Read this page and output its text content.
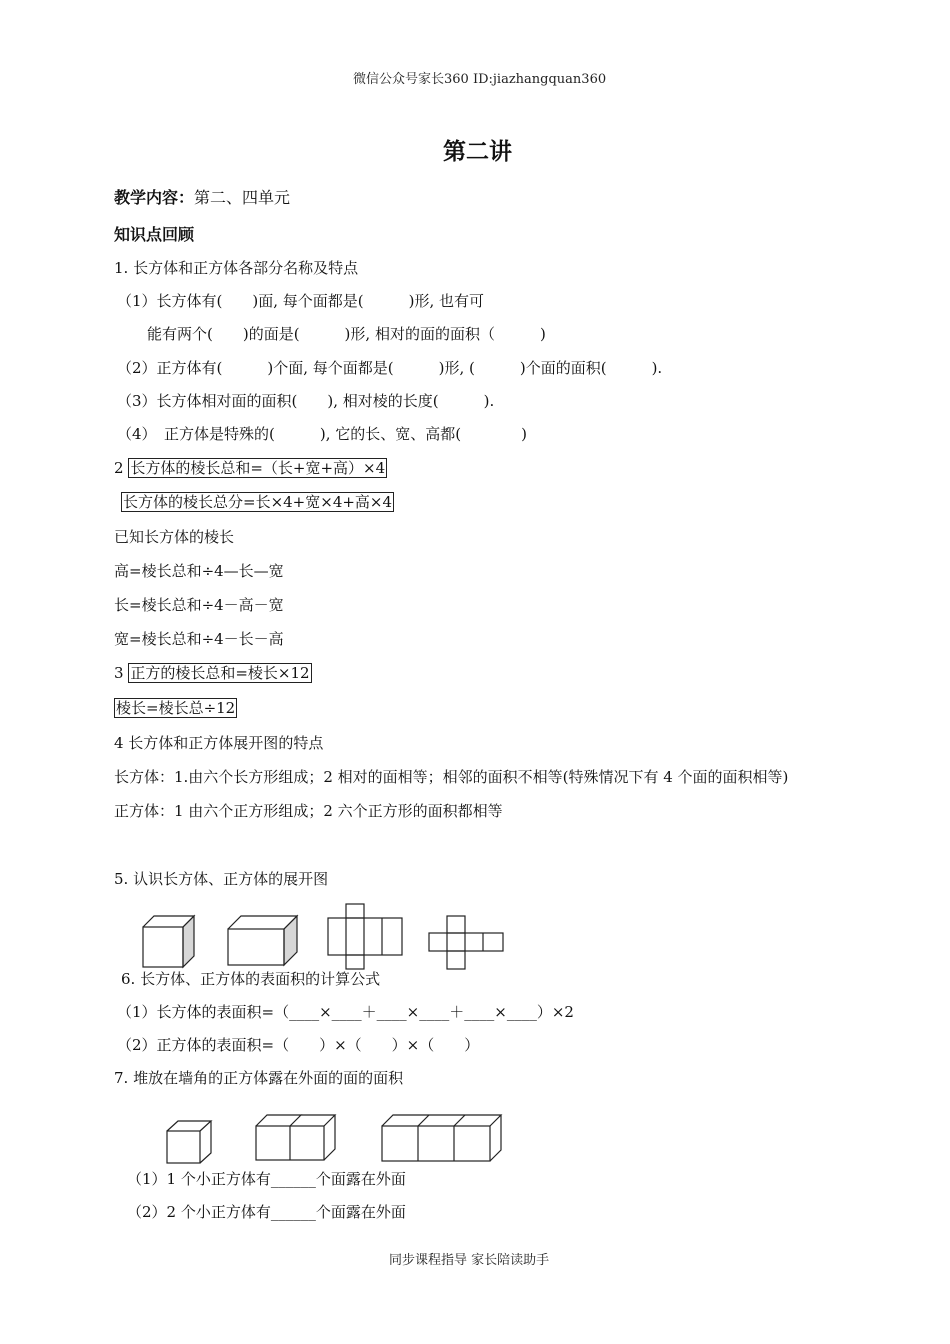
微信公众号家长360 ID:jiazhangquan360
第二讲
教学内容：第二、四单元
知识点回顾
1. 长方体和正方体各部分名称及特点
（1）长方体有(　　)面, 每个面都是(　　　)形, 也有可
能有两个(　　)的面是(　　　)形, 相对的面的面积（　　　)
（2）正方体有(　　　)个面, 每个面都是(　　　)形, (　　　)个面的面积(　　　).
（3）长方体相对面的面积(　　), 相对棱的长度(　　　).
（4）　正方体是特殊的(　　　), 它的长、宽、高都(　　　　)
2 长方体的棱长总和=（长+宽+高）×4
长方体的棱长总分=长×4+宽×4+高×4
已知长方体的棱长
高=棱长总和÷4—长—宽
长=棱长总和÷4－高－宽
宽=棱长总和÷4－长－高
3 正方的棱长总和=棱长×12
棱长=棱长总÷12
4 长方体和正方体展开图的特点
长方体：1.由六个长方形组成；2 相对的面相等；相邻的面积不相等(特殊情况下有 4 个面的面积相等)
正方体：1 由六个正方形组成；2 六个正方形的面积都相等
5. 认识长方体、正方体的展开图
6. 长方体、正方体的表面积的计算公式
（1）长方体的表面积=（____×____＋____×____＋____×____）×2
（2）正方体的表面积=（　　）×（　　）×（　　）
7. 堆放在墙角的正方体露在外面的面的面积
（1）1 个小正方体有______个面露在外面
（2）2 个小正方体有______个面露在外面
同步课程指导 家长陪读助手
